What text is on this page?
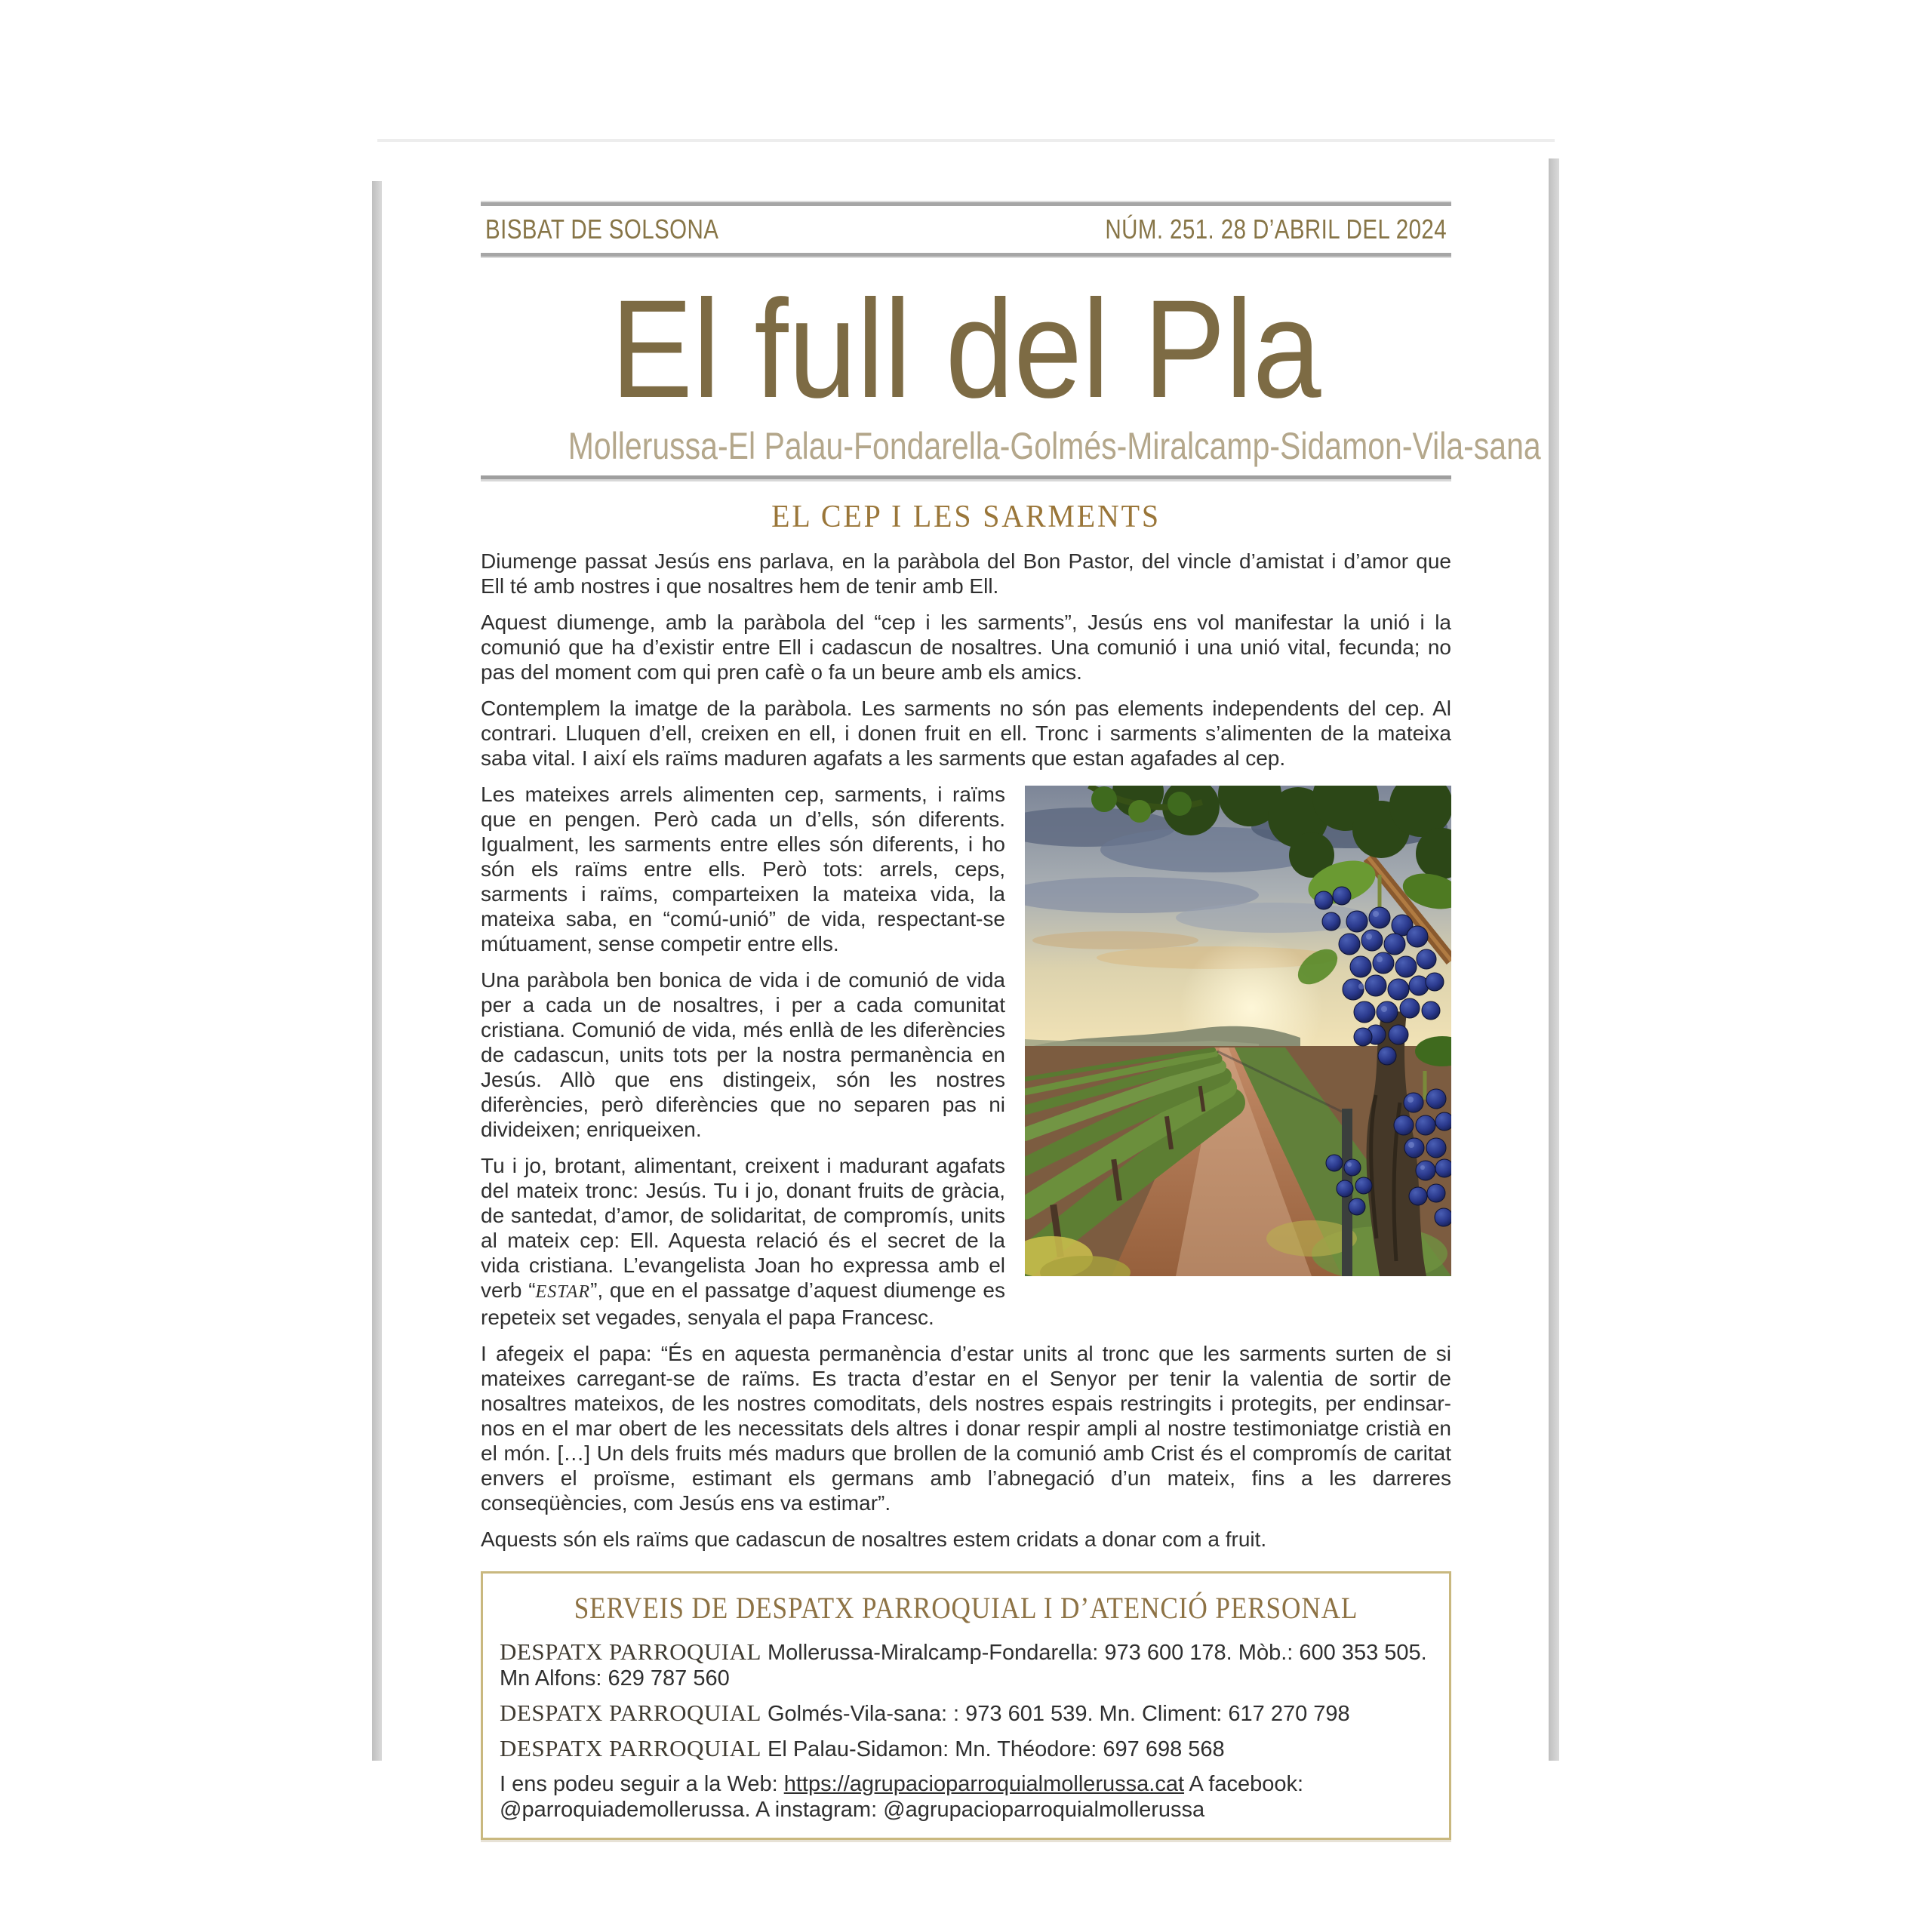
BISBAT DE SOLSONA	NÚM. 251. 28 D’ABRIL DEL 2024
El full del Pla
Mollerussa-El Palau-Fondarella-Golmés-Miralcamp-Sidamon-Vila-sana
EL CEP I LES SARMENTS

Diumenge passat Jesús ens parlava, en la paràbola del Bon Pastor, del vincle d’amistat i d’amor que Ell té amb nostres i que nosaltres hem de tenir amb Ell.

Aquest diumenge, amb la paràbola del “cep i les sarments”, Jesús ens vol manifestar la unió i la comunió que ha d’existir entre Ell i cadascun de nosaltres. Una comunió i una unió vital, fecunda; no pas del moment com qui pren cafè o fa un beure amb els amics.

Contemplem la imatge de la paràbola. Les sarments no són pas elements independents del cep. Al contrari. Lluquen d’ell, creixen en ell, i donen fruit en ell. Tronc i sarments s’alimenten de la mateixa saba vital. I així els raïms maduren agafats a les sarments que estan agafades al cep.

Les mateixes arrels alimenten cep, sarments, i raïms que en pengen. Però cada un d’ells, són diferents. Igualment, les sarments entre elles són diferents, i ho són els raïms entre ells. Però tots: arrels, ceps, sarments i raïms, comparteixen la mateixa vida, la mateixa saba, en “comú-unió” de vida, respectant-se mútuament, sense competir entre ells.

Una paràbola ben bonica de vida i de comunió de vida per a cada un de nosaltres, i per a cada comunitat cristiana. Comunió de vida, més enllà de les diferències de cadascun, units tots per la nostra permanència en Jesús. Allò que ens distingeix, són les nostres diferències, però diferències que no separen pas ni divideixen; enriqueixen.

Tu i jo, brotant, alimentant, creixent i madurant agafats del mateix tronc: Jesús. Tu i jo, donant fruits de gràcia, de santedat, d’amor, de solidaritat, de compromís, units al mateix cep: Ell. Aquesta relació és el secret de la vida cristiana. L’evangelista Joan ho expressa amb el verb “ESTAR”, que en el passatge d’aquest diumenge es repeteix set vegades, senyala el papa Francesc.

I afegeix el papa: “És en aquesta permanència d’estar units al tronc que les sarments surten de si mateixes carregant-se de raïms. Es tracta d’estar en el Senyor per tenir la valentia de sortir de nosaltres mateixos, de les nostres comoditats, dels nostres espais restringits i protegits, per endinsar-nos en el mar obert de les necessitats dels altres i donar respir ampli al nostre testimoniatge cristià en el món. […] Un dels fruits més madurs que brollen de la comunió amb Crist és el compromís de caritat envers el proïsme, estimant els germans amb l’abnegació d’un mateix, fins a les darreres conseqüències, com Jesús ens va estimar”.

Aquests són els raïms que cadascun de nosaltres estem cridats a donar com a fruit.

SERVEIS DE DESPATX PARROQUIAL I D’ATENCIÓ PERSONAL

DESPATX PARROQUIAL Mollerussa-Miralcamp-Fondarella: 973 600 178. Mòb.: 600 353 505. Mn Alfons: 629 787 560

DESPATX PARROQUIAL Golmés-Vila-sana: : 973 601 539. Mn. Climent: 617 270 798

DESPATX PARROQUIAL El Palau-Sidamon: Mn. Théodore: 697 698 568

I ens podeu seguir a la Web: https://agrupacioparroquialmollerussa.cat A facebook: @parroquiademollerussa. A instagram: @agrupacioparroquialmollerussa
